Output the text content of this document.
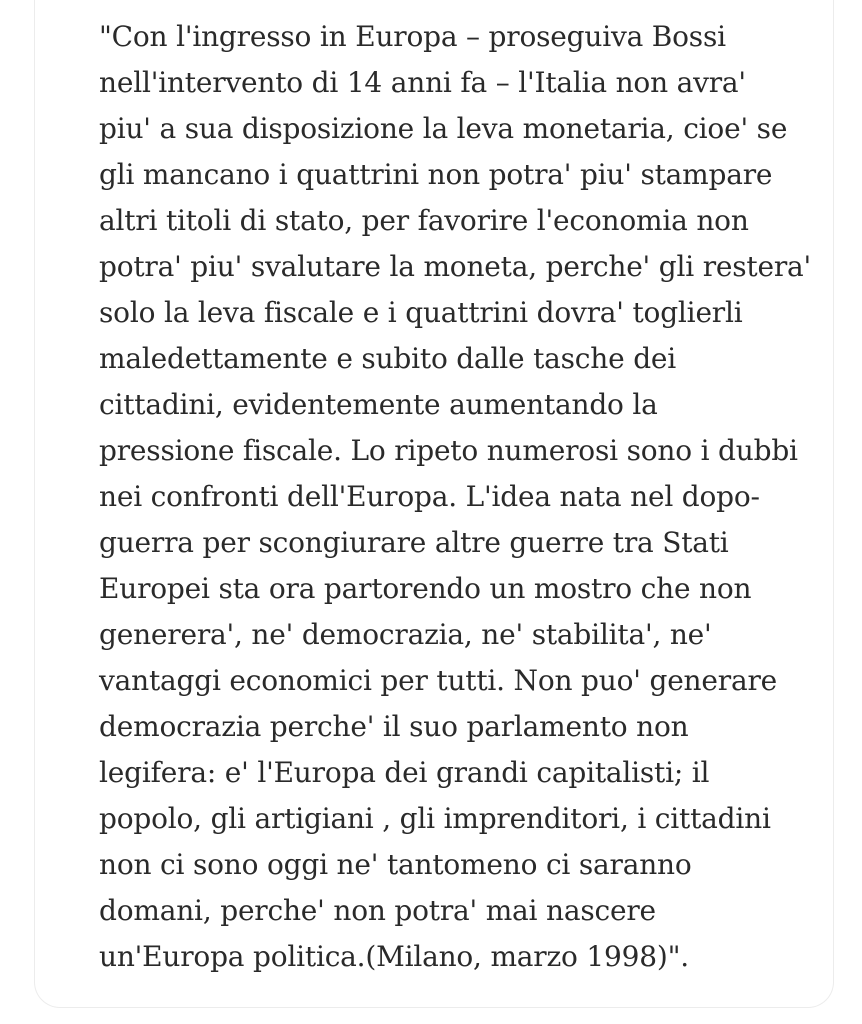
"Con l'ingresso in Europa – proseguiva Bossi
nell'intervento di 14 anni fa – l'Italia non avra'
piu' a sua disposizione la leva monetaria, cioe' se
gli mancano i quattrini non potra' piu' stampare
altri titoli di stato, per favorire l'economia non
potra' piu' svalutare la moneta, perche' gli restera'
solo la leva fiscale e i quattrini dovra' toglierli
maledettamente e subito dalle tasche dei
cittadini, evidentemente aumentando la
pressione fiscale. Lo ripeto numerosi sono i dubbi
nei confronti dell'Europa. L'idea nata nel dopo-
guerra per scongiurare altre guerre tra Stati
Europei sta ora partorendo un mostro che non
generera', ne' democrazia, ne' stabilita', ne'
vantaggi economici per tutti. Non puo' generare
democrazia perche' il suo parlamento non
legifera: e' l'Europa dei grandi capitalisti; il
popolo, gli artigiani , gli imprenditori, i cittadini
non ci sono oggi ne' tantomeno ci saranno
domani, perche' non potra' mai nascere
un'Europa politica.(Milano, marzo 1998)".
